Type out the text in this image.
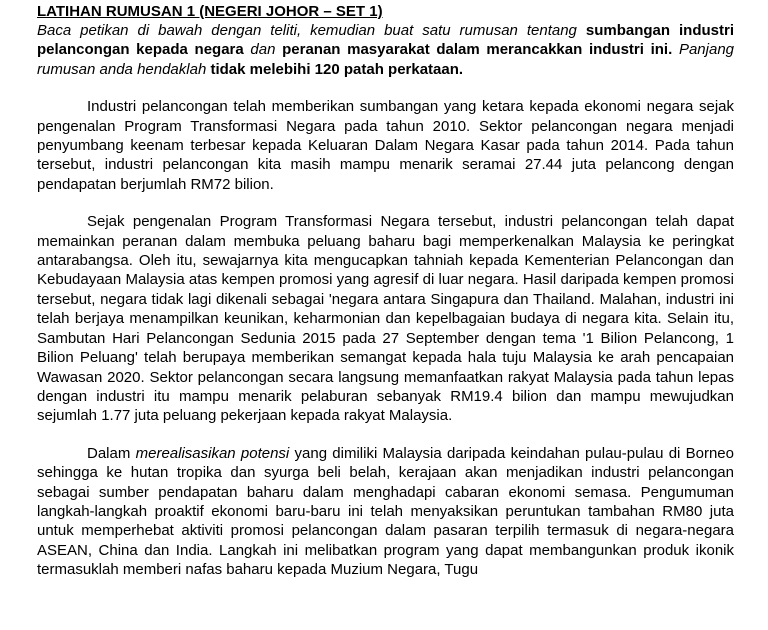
LATIHAN RUMUSAN 1 (NEGERI JOHOR – SET 1)
Baca petikan di bawah dengan teliti, kemudian buat satu rumusan tentang sumbangan industri pelancongan kepada negara dan peranan masyarakat dalam merancakkan industri ini. Panjang rumusan anda hendaklah tidak melebihi 120 patah perkataan.

Industri pelancongan telah memberikan sumbangan yang ketara kepada ekonomi negara sejak pengenalan Program Transformasi Negara pada tahun 2010. Sektor pelancongan negara menjadi penyumbang keenam terbesar kepada Keluaran Dalam Negara Kasar pada tahun 2014. Pada tahun tersebut, industri pelancongan kita masih mampu menarik seramai 27.44 juta pelancong dengan pendapatan berjumlah RM72 bilion.

Sejak pengenalan Program Transformasi Negara tersebut, industri pelancongan telah dapat memainkan peranan dalam membuka peluang baharu bagi memperkenalkan Malaysia ke peringkat antarabangsa. Oleh itu, sewajarnya kita mengucapkan tahniah kepada Kementerian Pelancongan dan Kebudayaan Malaysia atas kempen promosi yang agresif di luar negara. Hasil daripada kempen promosi tersebut, negara tidak lagi dikenali sebagai 'negara antara Singapura dan Thailand. Malahan, industri ini telah berjaya menampilkan keunikan, keharmonian dan kepelbagaian budaya di negara kita. Selain itu, Sambutan Hari Pelancongan Sedunia 2015 pada 27 September dengan tema '1 Bilion Pelancong, 1 Bilion Peluang' telah berupaya memberikan semangat kepada hala tuju Malaysia ke arah pencapaian Wawasan 2020. Sektor pelancongan secara langsung memanfaatkan rakyat Malaysia pada tahun lepas dengan industri itu mampu menarik pelaburan sebanyak RM19.4 bilion dan mampu mewujudkan sejumlah 1.77 juta peluang pekerjaan kepada rakyat Malaysia.

Dalam merealisasikan potensi yang dimiliki Malaysia daripada keindahan pulau-pulau di Borneo sehingga ke hutan tropika dan syurga beli belah, kerajaan akan menjadikan industri pelancongan sebagai sumber pendapatan baharu dalam menghadapi cabaran ekonomi semasa. Pengumuman langkah-langkah proaktif ekonomi baru-baru ini telah menyaksikan peruntukan tambahan RM80 juta untuk memperhebat aktiviti promosi pelancongan dalam pasaran terpilih termasuk di negara-negara ASEAN, China dan India. Langkah ini melibatkan program yang dapat membangunkan produk ikonik termasuklah memberi nafas baharu kepada Muzium Negara, Tugu
